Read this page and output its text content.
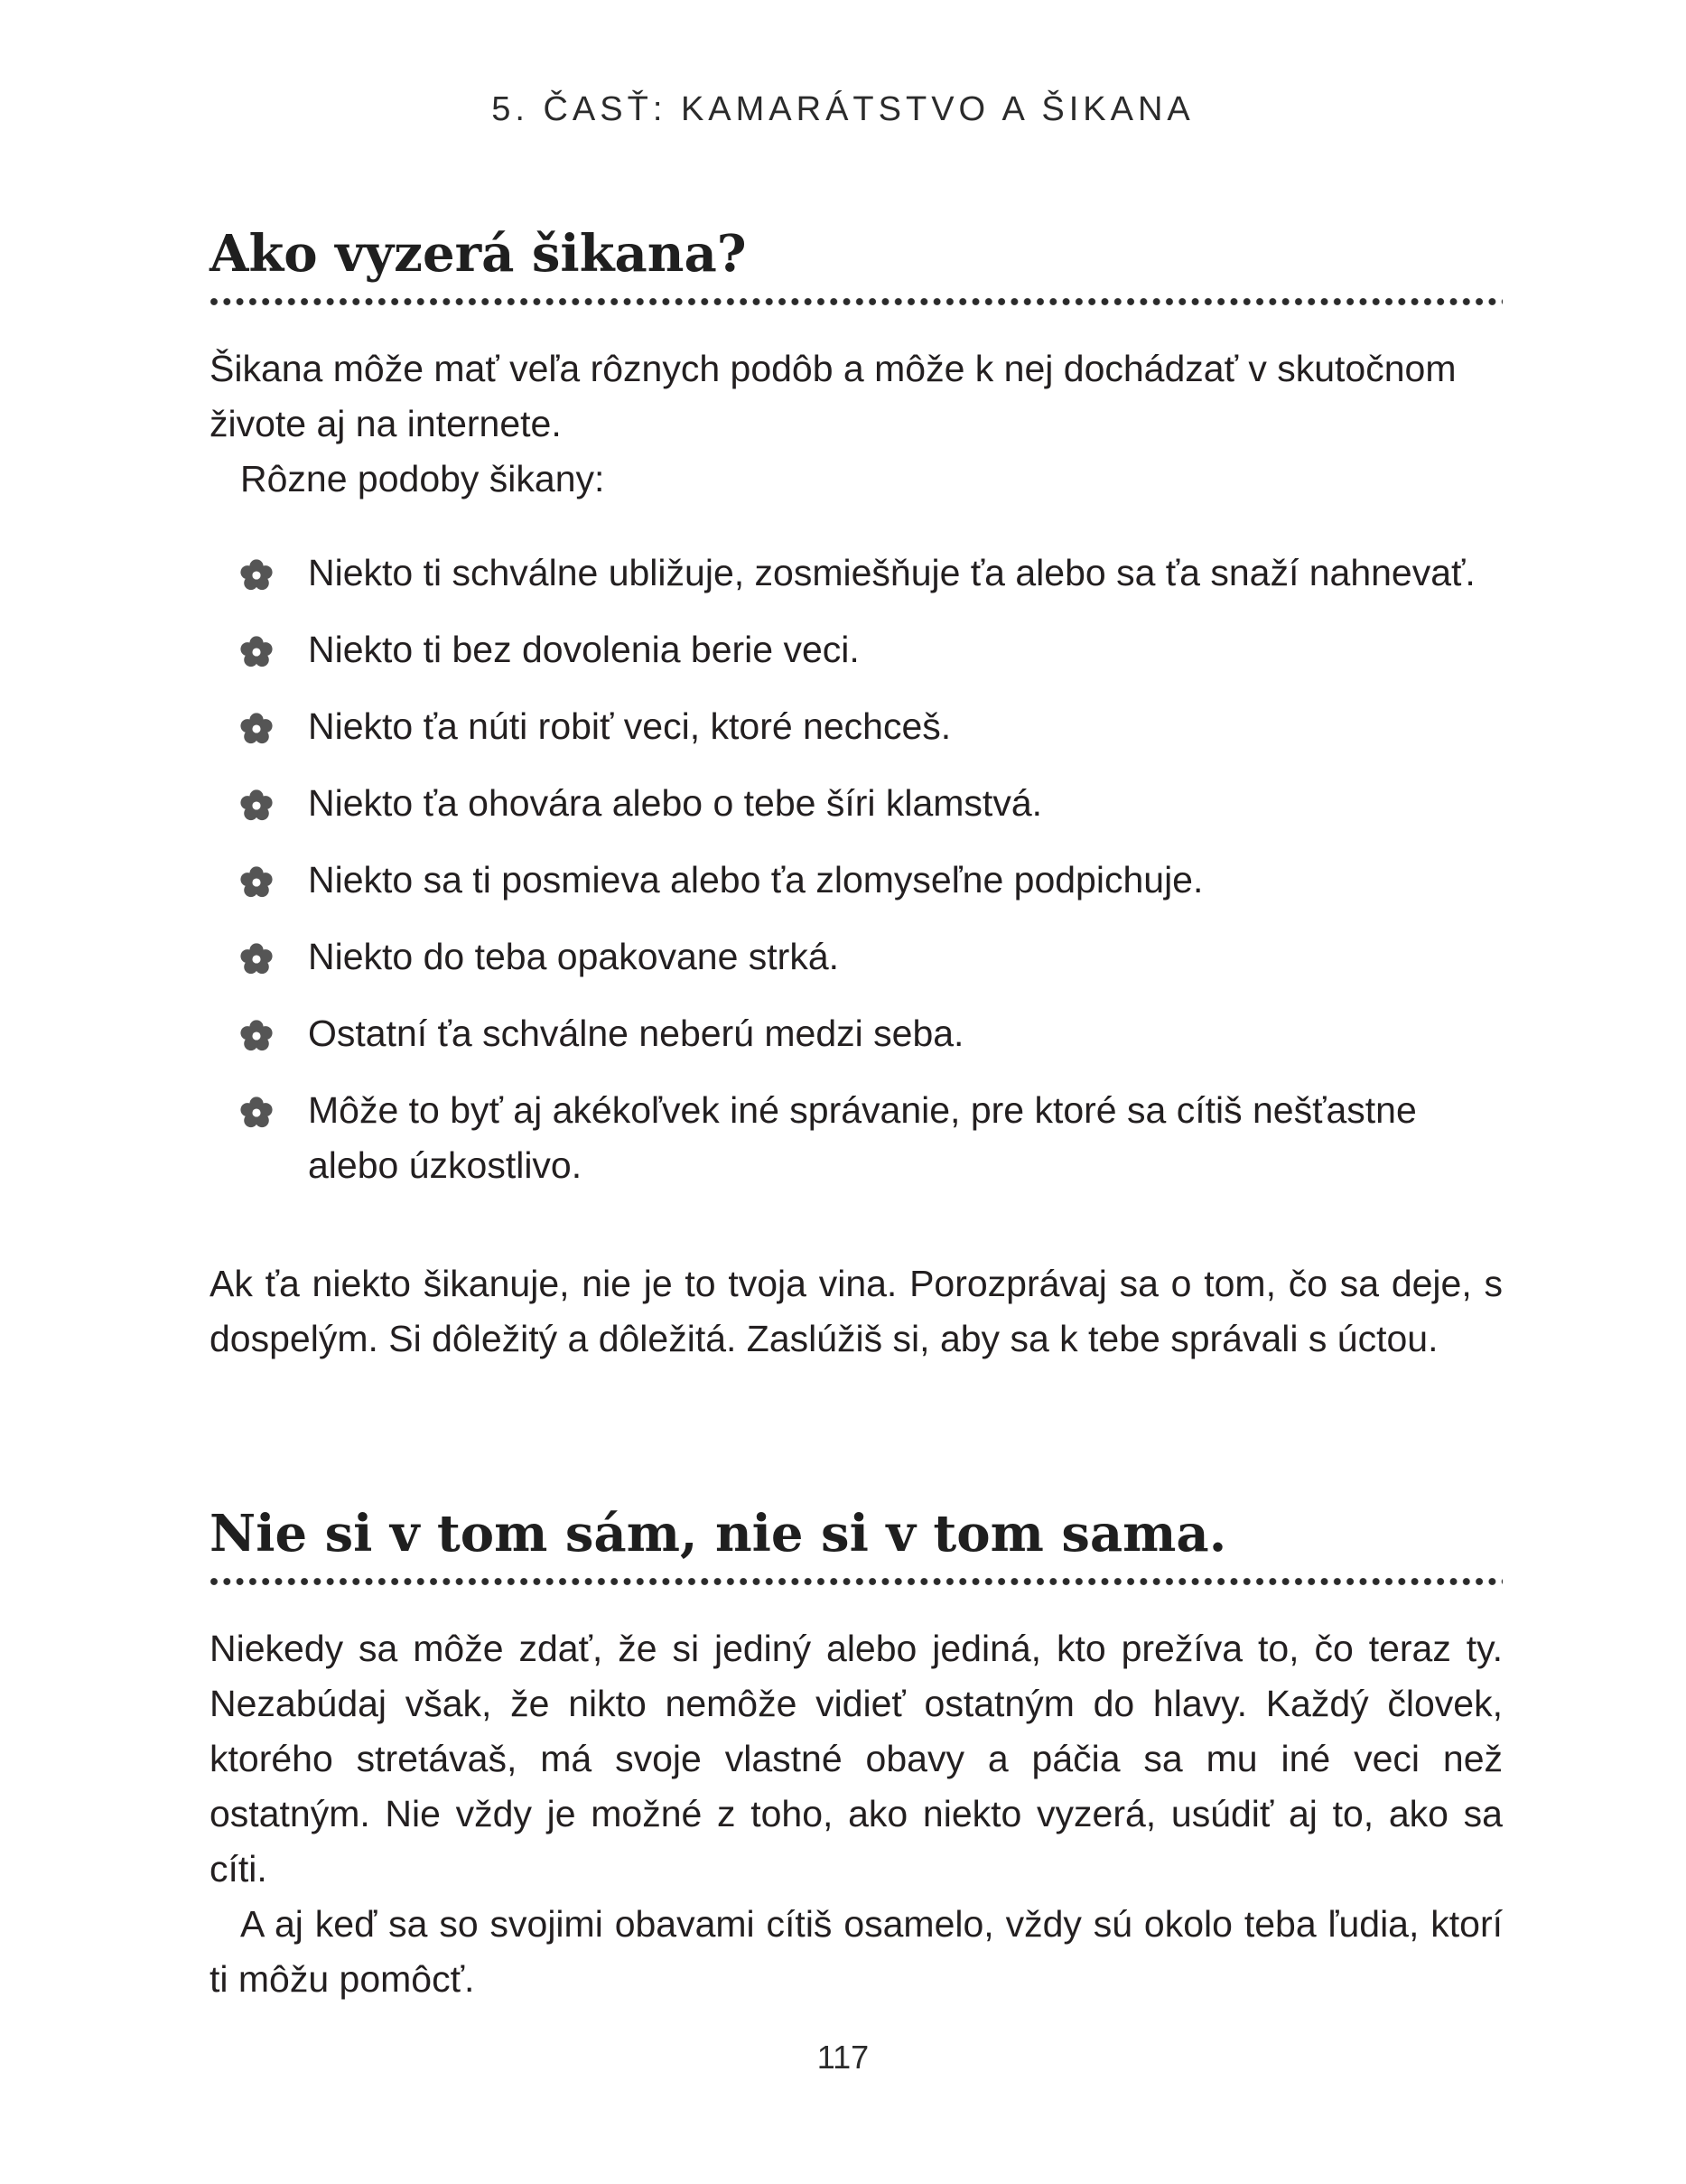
5. ČASŤ: KAMARÁTSTVO A ŠIKANA
Ako vyzerá šikana?

Šikana môže mať veľa rôznych podôb a môže k nej dochádzať v skutočnom
živote aj na internete.
Rôzne podoby šikany:

Niekto ti schválne ubližuje, zosmiešňuje ťa alebo sa ťa snaží nahnevať.
Niekto ti bez dovolenia berie veci.
Niekto ťa núti robiť veci, ktoré nechceš.
Niekto ťa ohovára alebo o tebe šíri klamstvá.
Niekto sa ti posmieva alebo ťa zlomyseľne podpichuje.
Niekto do teba opakovane strká.
Ostatní ťa schválne neberú medzi seba.
Môže to byť aj akékoľvek iné správanie, pre ktoré sa cítiš nešťastne alebo úzkostlivo.

Ak ťa niekto šikanuje, nie je to tvoja vina. Porozprávaj sa o tom, čo sa deje, s dospelým. Si dôležitý a dôležitá. Zaslúžiš si, aby sa k tebe správali s úctou.

Nie si v tom sám, nie si v tom sama.

Niekedy sa môže zdať, že si jediný alebo jediná, kto prežíva to, čo teraz ty. Nezabúdaj však, že nikto nemôže vidieť ostatným do hlavy. Každý človek, ktorého stretávaš, má svoje vlastné obavy a páčia sa mu iné veci než ostatným. Nie vždy je možné z toho, ako niekto vyzerá, usúdiť aj to, ako sa cíti.

A aj keď sa so svojimi obavami cítiš osamelo, vždy sú okolo teba ľudia, ktorí ti môžu pomôcť.

117
